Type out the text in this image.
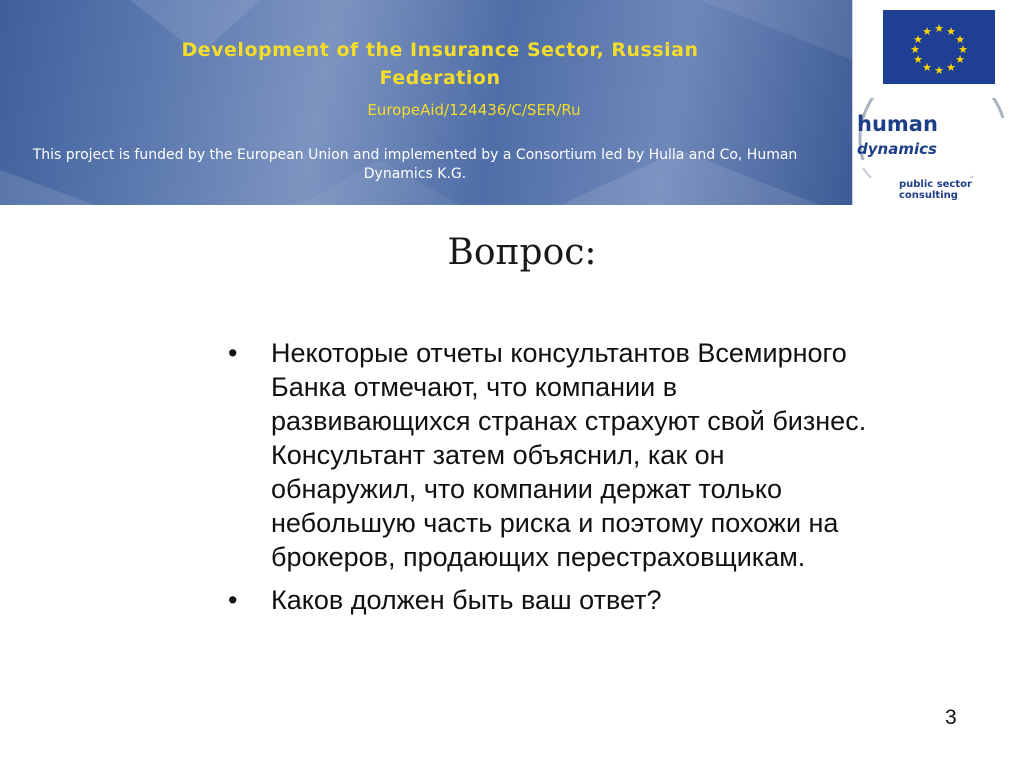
Development of the Insurance Sector, Russian Federation
EuropeAid/124436/C/SER/Ru
This project is funded by the European Union and implemented by a Consortium led by Hulla and Co, Human Dynamics K.G.
★ ★
★
★
★
★
★
★
★
★
★
★
human
dynamics
public sector consulting
Вопрос:
• Некоторые отчеты консультантов Всемирного Банка отмечают, что компании в развивающихся странах страхуют свой бизнес. Консультант затем объяснил, как он обнаружил, что компании держат только небольшую часть риска и поэтому похожи на брокеров, продающих перестраховщикам.
• Каков должен быть ваш ответ?
3
